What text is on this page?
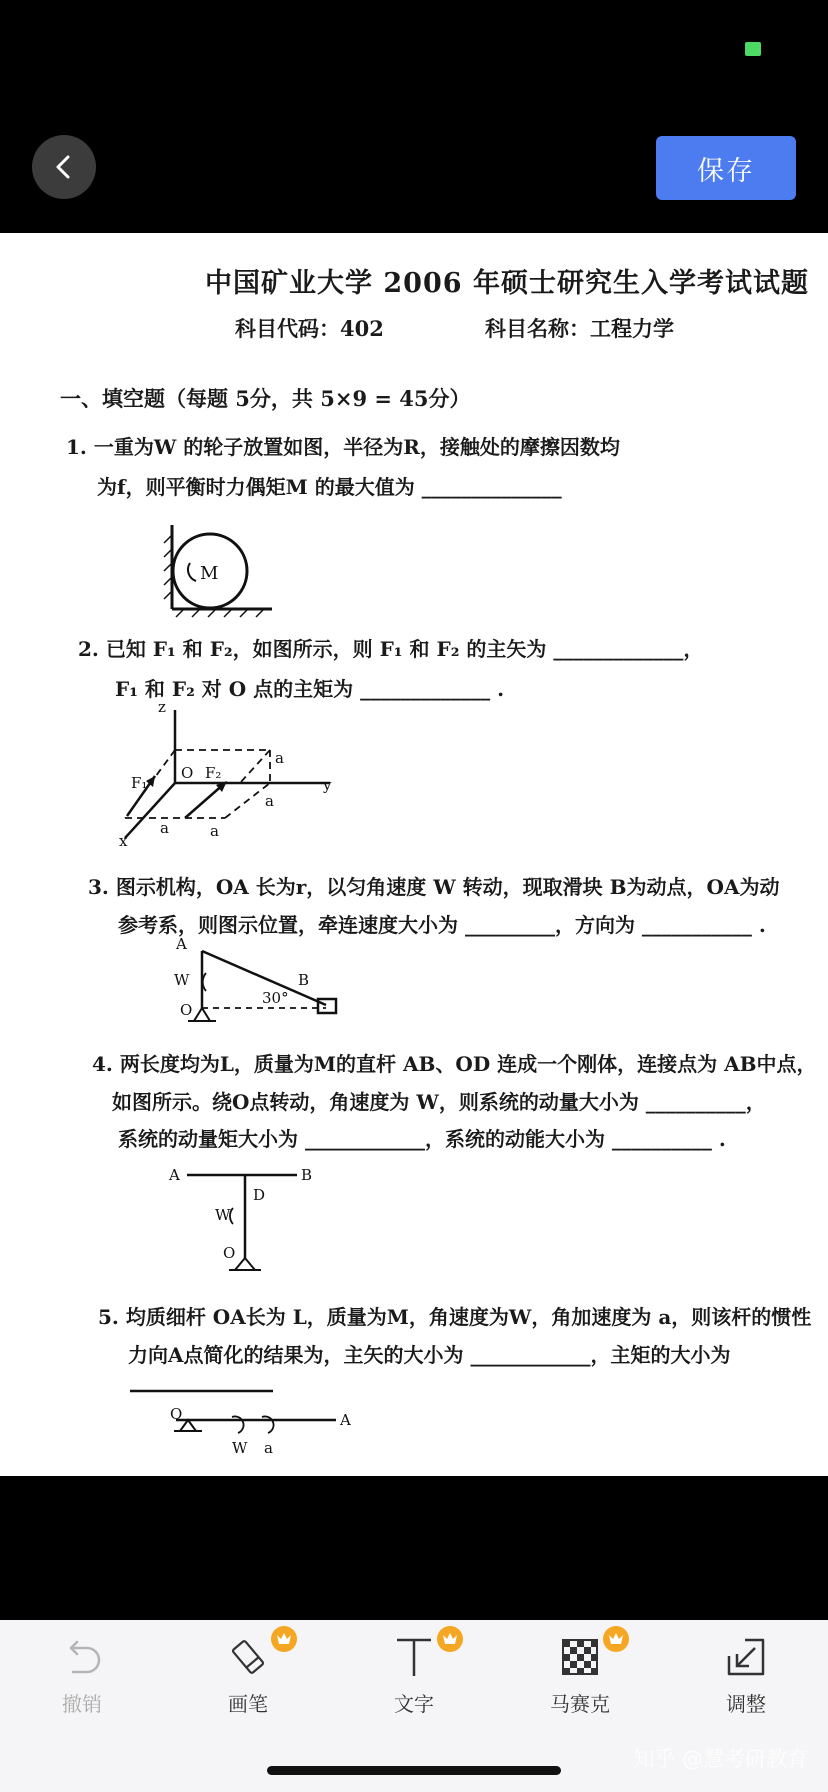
保存
中国矿业大学 2006 年硕士研究生入学考试试题
科目代码：402	科目名称：工程力学
一、填空题（每题 5分，共 5×9 = 45分）
1. 一重为W 的轮子放置如图，半径为R，接触处的摩擦因数均
为f，则平衡时力偶矩M 的最大值为 ______________
M
2. 已知 F₁ 和 F₂，如图所示，则 F₁ 和 F₂ 的主矢为 _____________，
F₁ 和 F₂ 对 O 点的主矩为 _____________ .
z
O F₂
F₁
a
a
a	a
y
x
3. 图示机构，OA 长为r，以匀角速度 W 转动，现取滑块 B为动点，OA为动
参考系，则图示位置，牵连速度大小为 _________，方向为 ___________ .
A
W
O
30°
B
4. 两长度均为L，质量为M的直杆 AB、OD 连成一个刚体，连接点为 AB中点，
如图所示。绕O点转动，角速度为 W，则系统的动量大小为 __________，
系统的动量矩大小为 ____________，系统的动能大小为 __________ .
A	B
D
W
O
5. 均质细杆 OA长为 L，质量为M，角速度为W，角加速度为 a，则该杆的惯性
力向A点简化的结果为，主矢的大小为 ____________，主矩的大小为
O	A
W a
撤销	画笔	文字	马赛克	调整
知乎 @慧考研教育
